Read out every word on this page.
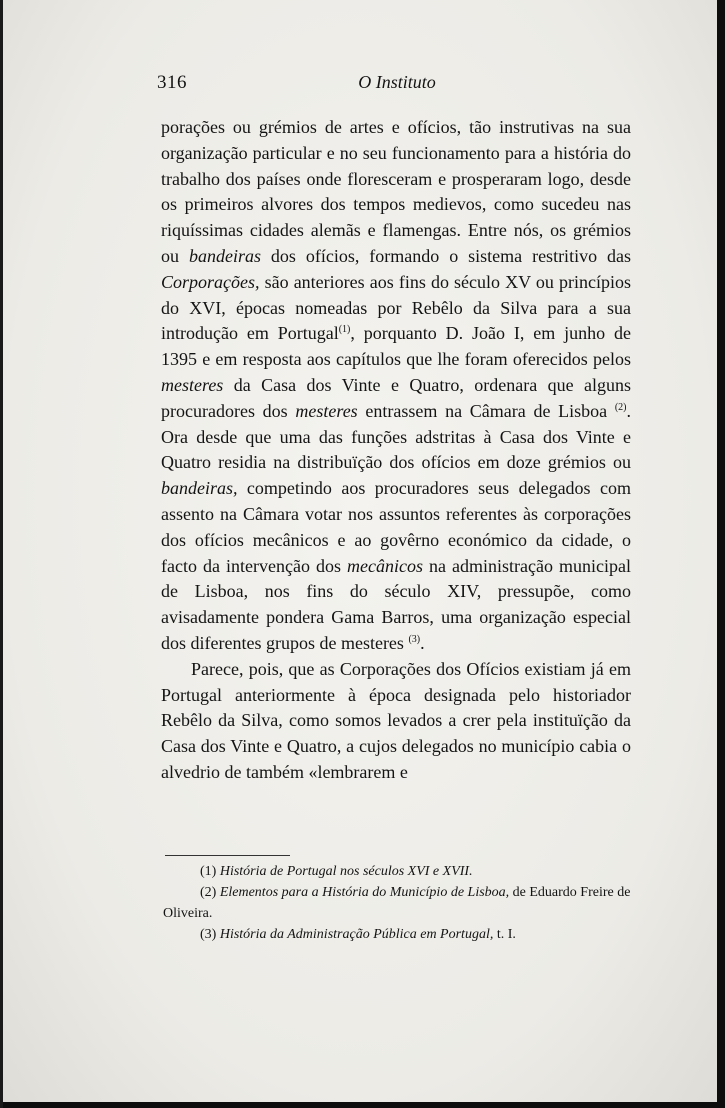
316	O Instituto

porações ou grémios de artes e ofícios, tão instrutivas na sua organização particular e no seu funcionamento para a história do trabalho dos países onde floresceram e prosperaram logo, desde os primeiros alvores dos tempos medievos, como sucedeu nas riquíssimas cidades alemãs e flamengas. Entre nós, os grémios ou bandeiras dos ofícios, formando o sistema restritivo das Corporações, são anteriores aos fins do século XV ou princípios do XVI, épocas nomeadas por Rebêlo da Silva para a sua introdução em Portugal$^{(1)}$, porquanto D. João I, em junho de 1395 e em resposta aos capítulos que lhe foram oferecidos pelos mesteres da Casa dos Vinte e Quatro, ordenara que alguns procuradores dos mesteres entrassem na Câmara de Lisboa $^{(2)}$. Ora desde que uma das funções adstritas à Casa dos Vinte e Quatro residia na distribuïção dos ofícios em doze grémios ou bandeiras, competindo aos procuradores seus delegados com assento na Câmara votar nos assuntos referentes às corporações dos ofícios mecânicos e ao govêrno económico da cidade, o facto da intervenção dos mecânicos na administração municipal de Lisboa, nos fins do século XIV, pressupõe, como avisadamente pondera Gama Barros, uma organização especial dos diferentes grupos de mesteres $^{(3)}$.

Parece, pois, que as Corporações dos Ofícios existiam já em Portugal anteriormente à época designada pelo historiador Rebêlo da Silva, como somos levados a crer pela instituïção da Casa dos Vinte e Quatro, a cujos delegados no município cabia o alvedrio de também «lembrarem e

(1) História de Portugal nos séculos XVI e XVII.

(2) Elementos para a História do Município de Lisboa, de Eduardo Freire de Oliveira.

(3) História da Administração Pública em Portugal, t. I.
